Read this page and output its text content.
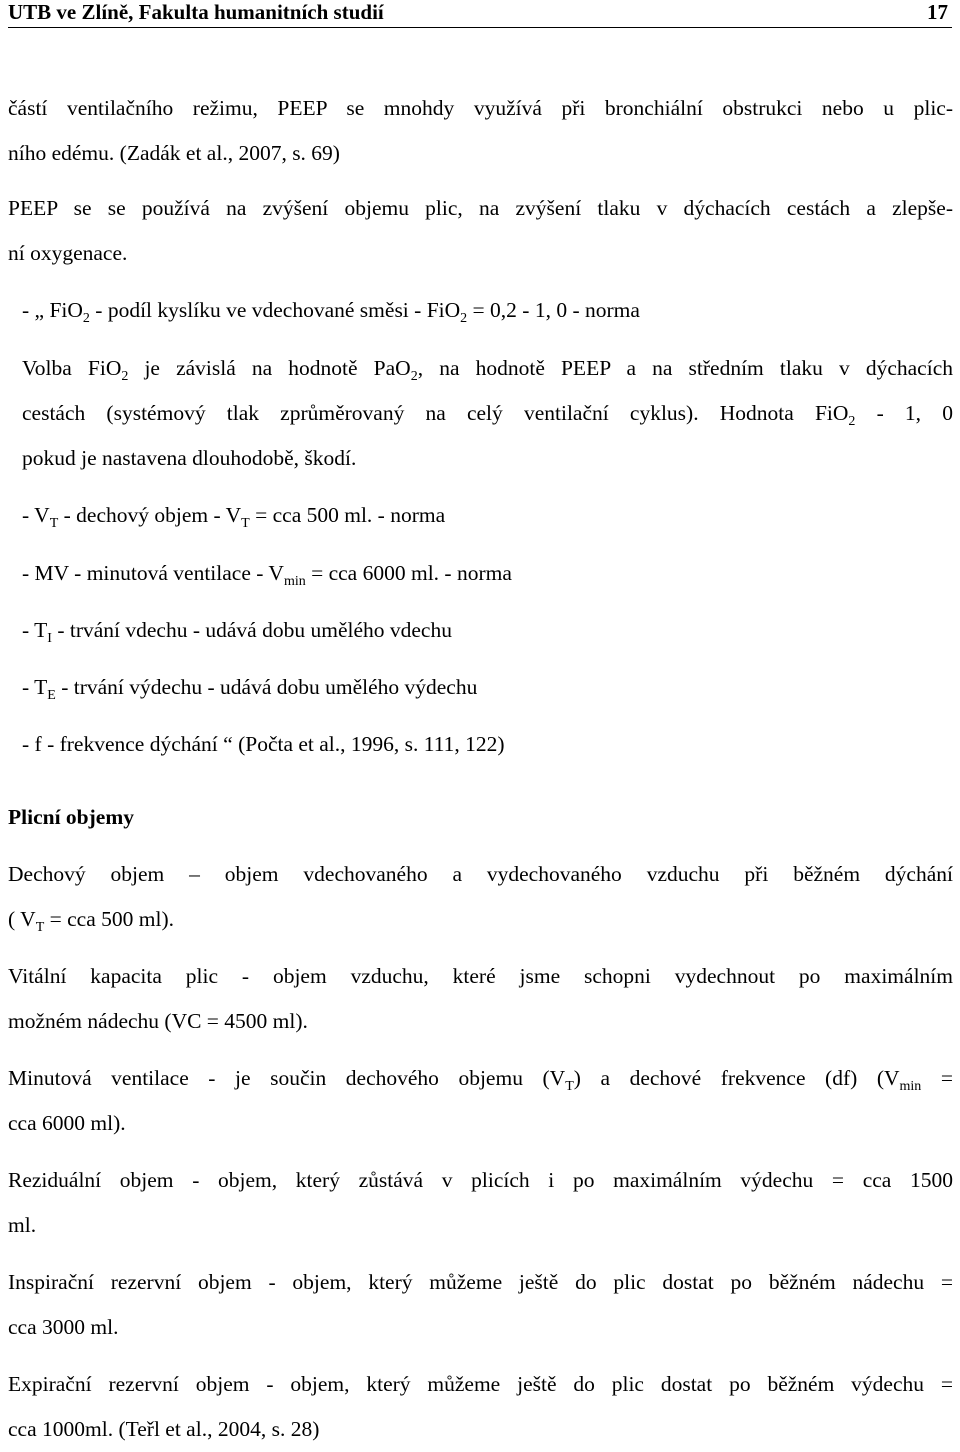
UTB ve Zlíně, Fakulta humanitních studií	17
částí ventilačního režimu, PEEP se mnohdy využívá při bronchiální obstrukci nebo u plic-
ního edému. (Zadák et al., 2007, s. 69)
PEEP se se používá na zvýšení objemu plic, na zvýšení tlaku v dýchacích cestách a zlepše-
ní oxygenace.
- „ FiO$_2$ - podíl kyslíku ve vdechované směsi - FiO$_2$ = 0,2 - 1, 0 - norma
Volba FiO$_2$ je závislá na hodnotě PaO$_2$, na hodnotě PEEP a na středním tlaku v dýchacích
cestách (systémový tlak zprůměrovaný na celý ventilační cyklus). Hodnota FiO$_2$ - 1, 0
pokud je nastavena dlouhodobě, škodí.
- $V_T$ - dechový objem - $V_T$ = cca 500 ml. - norma
- MV - minutová ventilace - $V_{min}$ = cca 6000 ml. - norma
- $T_I$ - trvání vdechu - udává dobu umělého vdechu
- $T_E$ - trvání výdechu - udává dobu umělého výdechu
- f - frekvence dýchání “ (Počta et al., 1996, s. 111, 122)
Plicní objemy
Dechový objem – objem vdechovaného a vydechovaného vzduchu při běžném dýchání
( $V_T$ = cca 500 ml).
Vitální kapacita plic - objem vzduchu, které jsme schopni vydechnout po maximálním
možném nádechu (VC = 4500 ml).
Minutová ventilace - je součin dechového objemu $(V_T)$ a dechové frekvence (df) ($V_{min}$ =
cca 6000 ml).
Reziduální objem - objem, který zůstává v plicích i po maximálním výdechu = cca 1500
ml.
Inspirační rezervní objem - objem, který můžeme ještě do plic dostat po běžném nádechu =
cca 3000 ml.
Expirační rezervní objem - objem, který můžeme ještě do plic dostat po běžném výdechu =
cca 1000ml. (Teřl et al., 2004, s. 28)
